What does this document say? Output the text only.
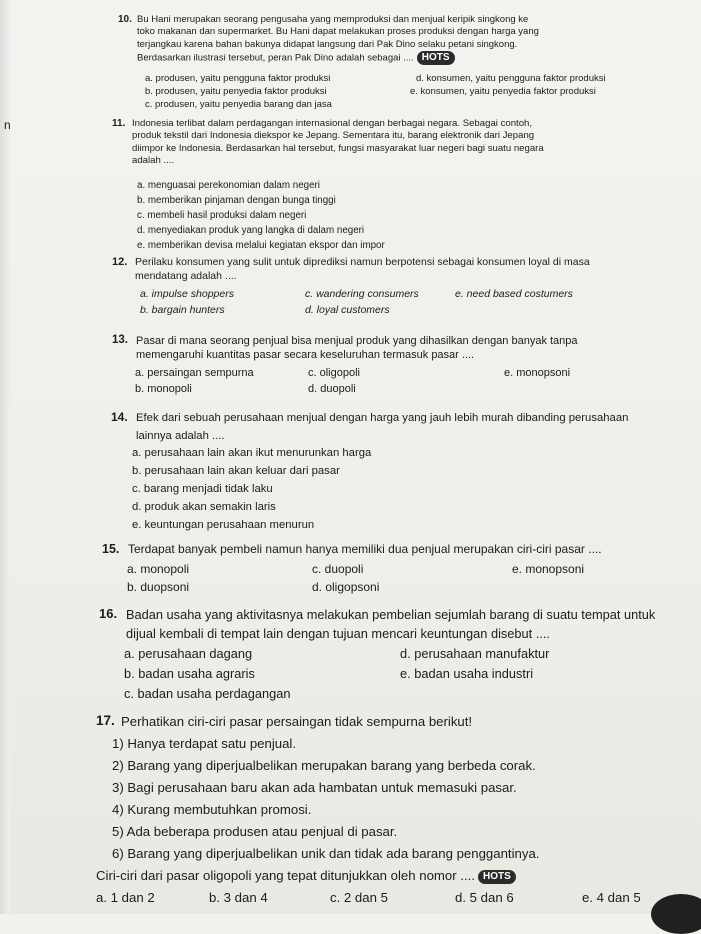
n
10. Bu Hani merupakan seorang pengusaha yang memproduksi dan menjual keripik singkong ke
toko makanan dan supermarket. Bu Hani dapat melakukan proses produksi dengan harga yang
terjangkau karena bahan bakunya didapat langsung dari Pak Dino selaku petani singkong.
Berdasarkan ilustrasi tersebut, peran Pak Dino adalah sebagai .... HOTS
a. produsen, yaitu pengguna faktor produksi
b. produsen, yaitu penyedia faktor produksi
c. produsen, yaitu penyedia barang dan jasa
d. konsumen, yaitu pengguna faktor produksi
e. konsumen, yaitu penyedia faktor produksi
11. Indonesia terlibat dalam perdagangan internasional dengan berbagai negara. Sebagai contoh,
produk tekstil dari Indonesia diekspor ke Jepang. Sementara itu, barang elektronik dari Jepang
diimpor ke Indonesia. Berdasarkan hal tersebut, fungsi masyarakat luar negeri bagi suatu negara
adalah ....
a. menguasai perekonomian dalam negeri
b. memberikan pinjaman dengan bunga tinggi
c. membeli hasil produksi dalam negeri
d. menyediakan produk yang langka di dalam negeri
e. memberikan devisa melalui kegiatan ekspor dan impor
12. Perilaku konsumen yang sulit untuk diprediksi namun berpotensi sebagai konsumen loyal di masa
mendatang adalah ....
a. impulse shoppers
b. bargain hunters
c. wandering consumers
d. loyal customers
e. need based costumers
13. Pasar di mana seorang penjual bisa menjual produk yang dihasilkan dengan banyak tanpa
memengaruhi kuantitas pasar secara keseluruhan termasuk pasar ....
a. persaingan sempurna
b. monopoli
c. oligopoli
d. duopoli
e. monopsoni
14. Efek dari sebuah perusahaan menjual dengan harga yang jauh lebih murah dibanding perusahaan
lainnya adalah ....
a. perusahaan lain akan ikut menurunkan harga
b. perusahaan lain akan keluar dari pasar
c. barang menjadi tidak laku
d. produk akan semakin laris
e. keuntungan perusahaan menurun
15. Terdapat banyak pembeli namun hanya memiliki dua penjual merupakan ciri-ciri pasar ....
a. monopoli
b. duopsoni
c. duopoli
d. oligopsoni
e. monopsoni
16. Badan usaha yang aktivitasnya melakukan pembelian sejumlah barang di suatu tempat untuk
dijual kembali di tempat lain dengan tujuan mencari keuntungan disebut ....
a. perusahaan dagang
b. badan usaha agraris
c. badan usaha perdagangan
d. perusahaan manufaktur
e. badan usaha industri
17. Perhatikan ciri-ciri pasar persaingan tidak sempurna berikut!
1) Hanya terdapat satu penjual.
2) Barang yang diperjualbelikan merupakan barang yang berbeda corak.
3) Bagi perusahaan baru akan ada hambatan untuk memasuki pasar.
4) Kurang membutuhkan promosi.
5) Ada beberapa produsen atau penjual di pasar.
6) Barang yang diperjualbelikan unik dan tidak ada barang penggantinya.
Ciri-ciri dari pasar oligopoli yang tepat ditunjukkan oleh nomor .... HOTS
a. 1 dan 2	b. 3 dan 4	c. 2 dan 5	d. 5 dan 6	e. 4 dan 5
